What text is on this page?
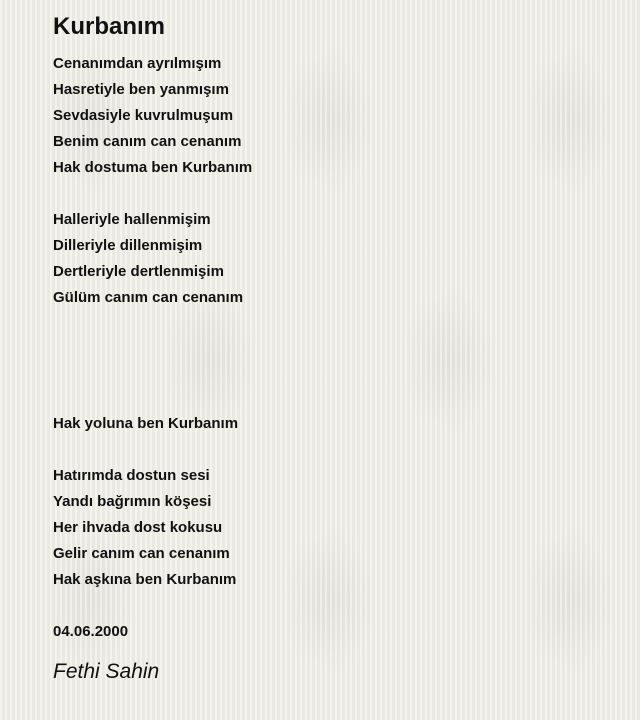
Kurbanım
Cenanımdan ayrılmışım
Hasretiyle ben yanmışım
Sevdasiyle kuvrulmuşum
Benim canım can cenanım
Hak dostuma ben Kurbanım
Halleriyle hallenmişim
Dilleriyle dillenmişim
Dertleriyle dertlenmişim
Gülüm canım can cenanım
Hak yoluna ben Kurbanım
Hatırımda dostun sesi
Yandı bağrımın köşesi
Her ihvada dost kokusu
Gelir canım can cenanım
Hak aşkına ben Kurbanım
04.06.2000
Fethi Sahin
